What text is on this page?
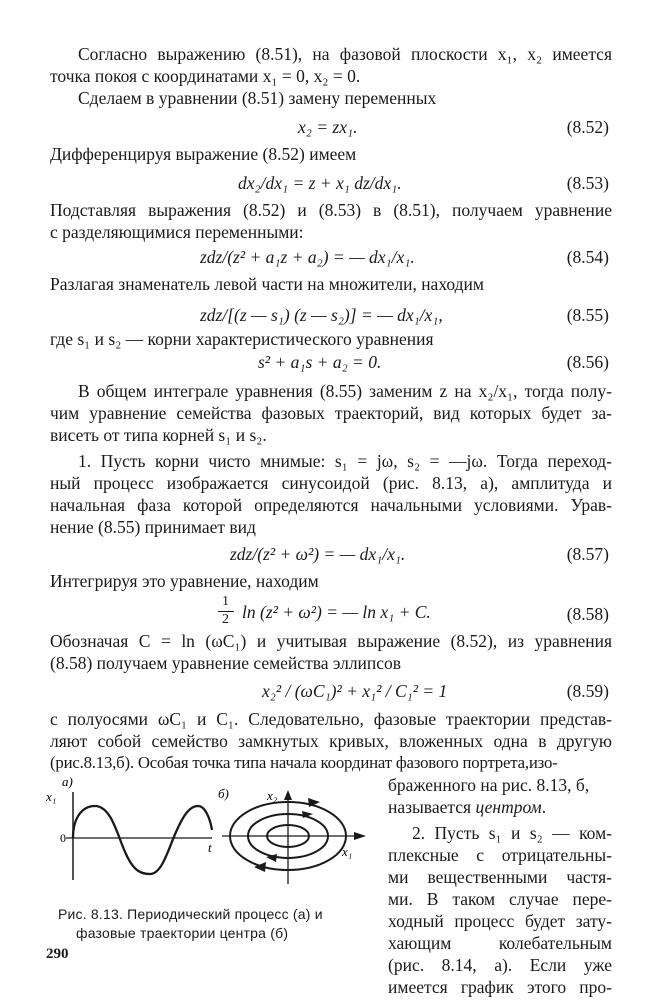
Согласно выражению (8.51), на фазовой плоскости x₁, x₂ имеется
точка покоя с координатами x₁ = 0, x₂ = 0.
Сделаем в уравнении (8.51) замену переменных
x₂ = zx₁.	(8.52)
Дифференцируя выражение (8.52) имеем
dx₂/dx₁ = z + x₁ dz/dx₁.	(8.53)
Подставляя выражения (8.52) и (8.53) в (8.51), получаем уравнение
с разделяющимися переменными:
zdz/(z² + a₁z + a₂) = — dx₁/x₁.	(8.54)
Разлагая знаменатель левой части на множители, находим
zdz/[(z — s₁) (z — s₂)] = — dx₁/x₁,	(8.55)
где s₁ и s₂ — корни характеристического уравнения
s² + a₁s + a₂ = 0.	(8.56)
В общем интеграле уравнения (8.55) заменим z на x₂/x₁, тогда полу-
чим уравнение семейства фазовых траекторий, вид которых будет за-
висеть от типа корней s₁ и s₂.
1. Пусть корни чисто мнимые: s₁ = jω, s₂ = —jω. Тогда переход-
ный процесс изображается синусоидой (рис. 8.13, а), амплитуда и
начальная фаза которой определяются начальными условиями. Урав-
нение (8.55) принимает вид
zdz/(z² + ω²) = — dx₁/x₁.	(8.57)
Интегрируя это уравнение, находим
1
2 ln (z² + ω²) = — ln x₁ + C.	(8.58)
Обозначая C = ln (ωC₁) и учитывая выражение (8.52), из уравнения
(8.58) получаем уравнение семейства эллипсов
x₂² / (ωC₁)² + x₁² / C₁² = 1	(8.59)
с полуосями ωC₁ и C₁. Следовательно, фазовые траектории представ-
ляют собой семейство замкнутых кривых, вложенных одна в другую
(рис.8.13,б). Особая точка типа начала координат фазового портрета,изо-
браженного на рис. 8.13, б,
называется центром.
2. Пусть s₁ и s₂ — ком-
плексные с отрицательны-
ми вещественными частя-
ми. В таком случае пере-
ходный процесс будет зату-
хающим колебательным
(рис. 8.14, а). Если уже
имеется график этого про-
а)
x₁
0
t
б)	x₂
x₁
Рис. 8.13. Периодический процесс (а) и
фазовые траектории центра (б)
290
